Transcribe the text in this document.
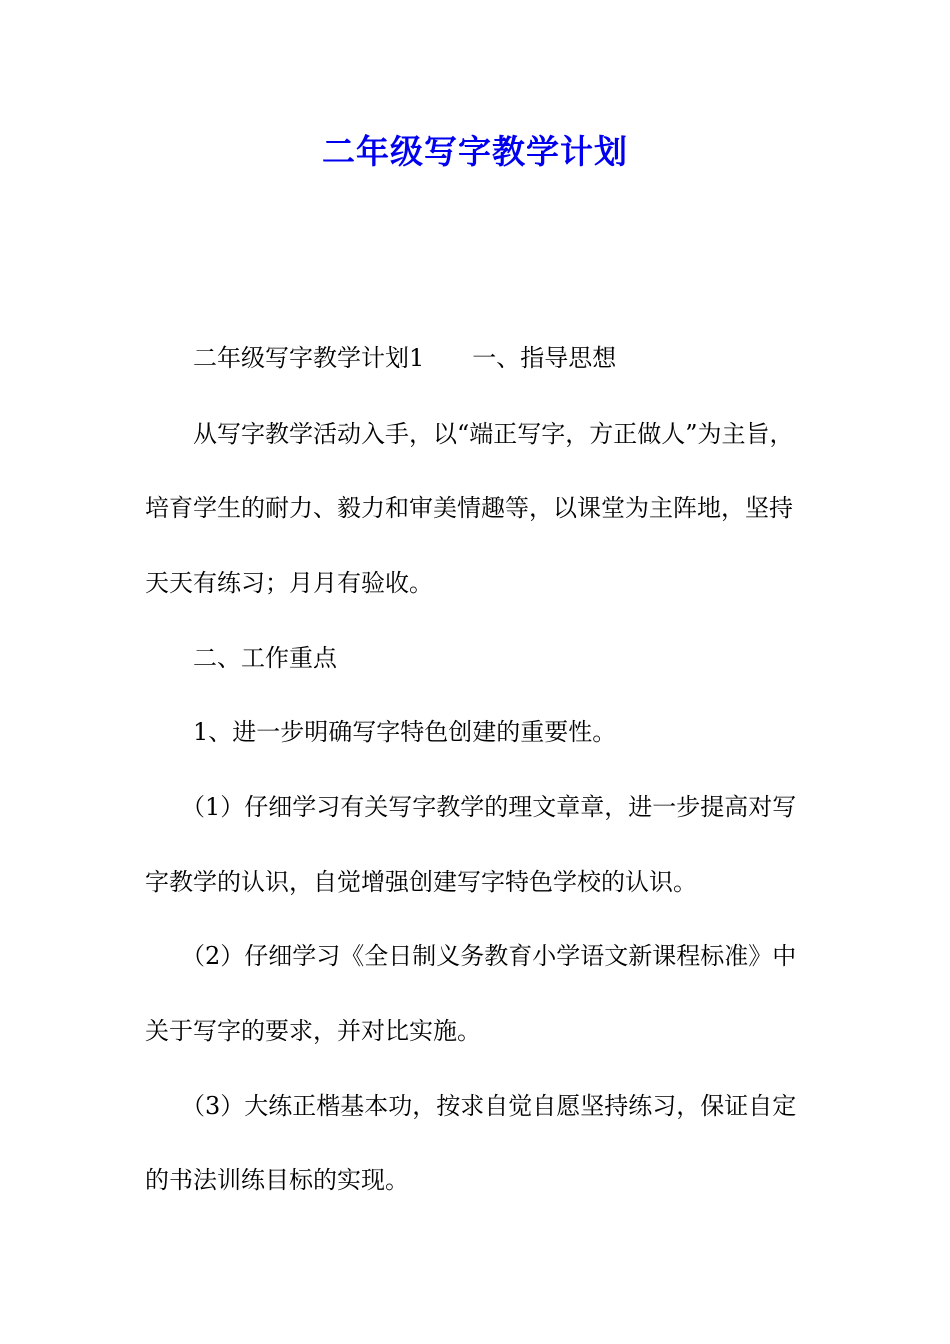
二年级写字教学计划

二年级写字教学计划1 一、指导思想

从写字教学活动入手，以“端正写字，方正做人”为主旨，

培育学生的耐力、毅力和审美情趣等，以课堂为主阵地，坚持

天天有练习；月月有验收。

二、工作重点

1、进一步明确写字特色创建的重要性。

（1）仔细学习有关写字教学的理文章章，进一步提高对写

字教学的认识，自觉增强创建写字特色学校的认识。

（2）仔细学习《全日制义务教育小学语文新课程标准》中

关于写字的要求，并对比实施。

（3）大练正楷基本功，按求自觉自愿坚持练习，保证自定

的书法训练目标的实现。
